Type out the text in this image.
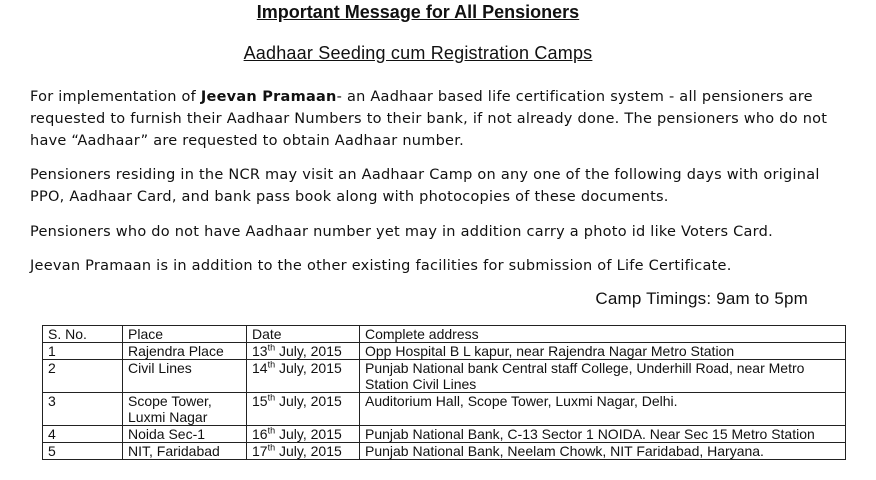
Important Message for All Pensioners
Aadhaar Seeding cum Registration Camps
For implementation of Jeevan Pramaan- an Aadhaar based life certification system - all pensioners are requested to furnish their Aadhaar Numbers to their bank, if not already done. The pensioners who do not have “Aadhaar” are requested to obtain Aadhaar number.
Pensioners residing in the NCR may visit an Aadhaar Camp on any one of the following days with original PPO, Aadhaar Card, and bank pass book along with photocopies of these documents.
Pensioners who do not have Aadhaar number yet may in addition carry a photo id like Voters Card.
Jeevan Pramaan is in addition to the other existing facilities for submission of Life Certificate.
Camp Timings: 9am to 5pm
S. No.	Place	Date	Complete address
1	Rajendra Place	13th July, 2015	Opp Hospital B L kapur, near Rajendra Nagar Metro Station
2	Civil Lines	14th July, 2015	Punjab National bank Central staff College, Underhill Road, near Metro Station Civil Lines
3	Scope Tower, Luxmi Nagar	15th July, 2015	Auditorium Hall, Scope Tower, Luxmi Nagar, Delhi.
4	Noida Sec-1	16th July, 2015	Punjab National Bank, C-13 Sector 1 NOIDA. Near Sec 15 Metro Station
5	NIT, Faridabad	17th July, 2015	Punjab National Bank, Neelam Chowk, NIT Faridabad, Haryana.
